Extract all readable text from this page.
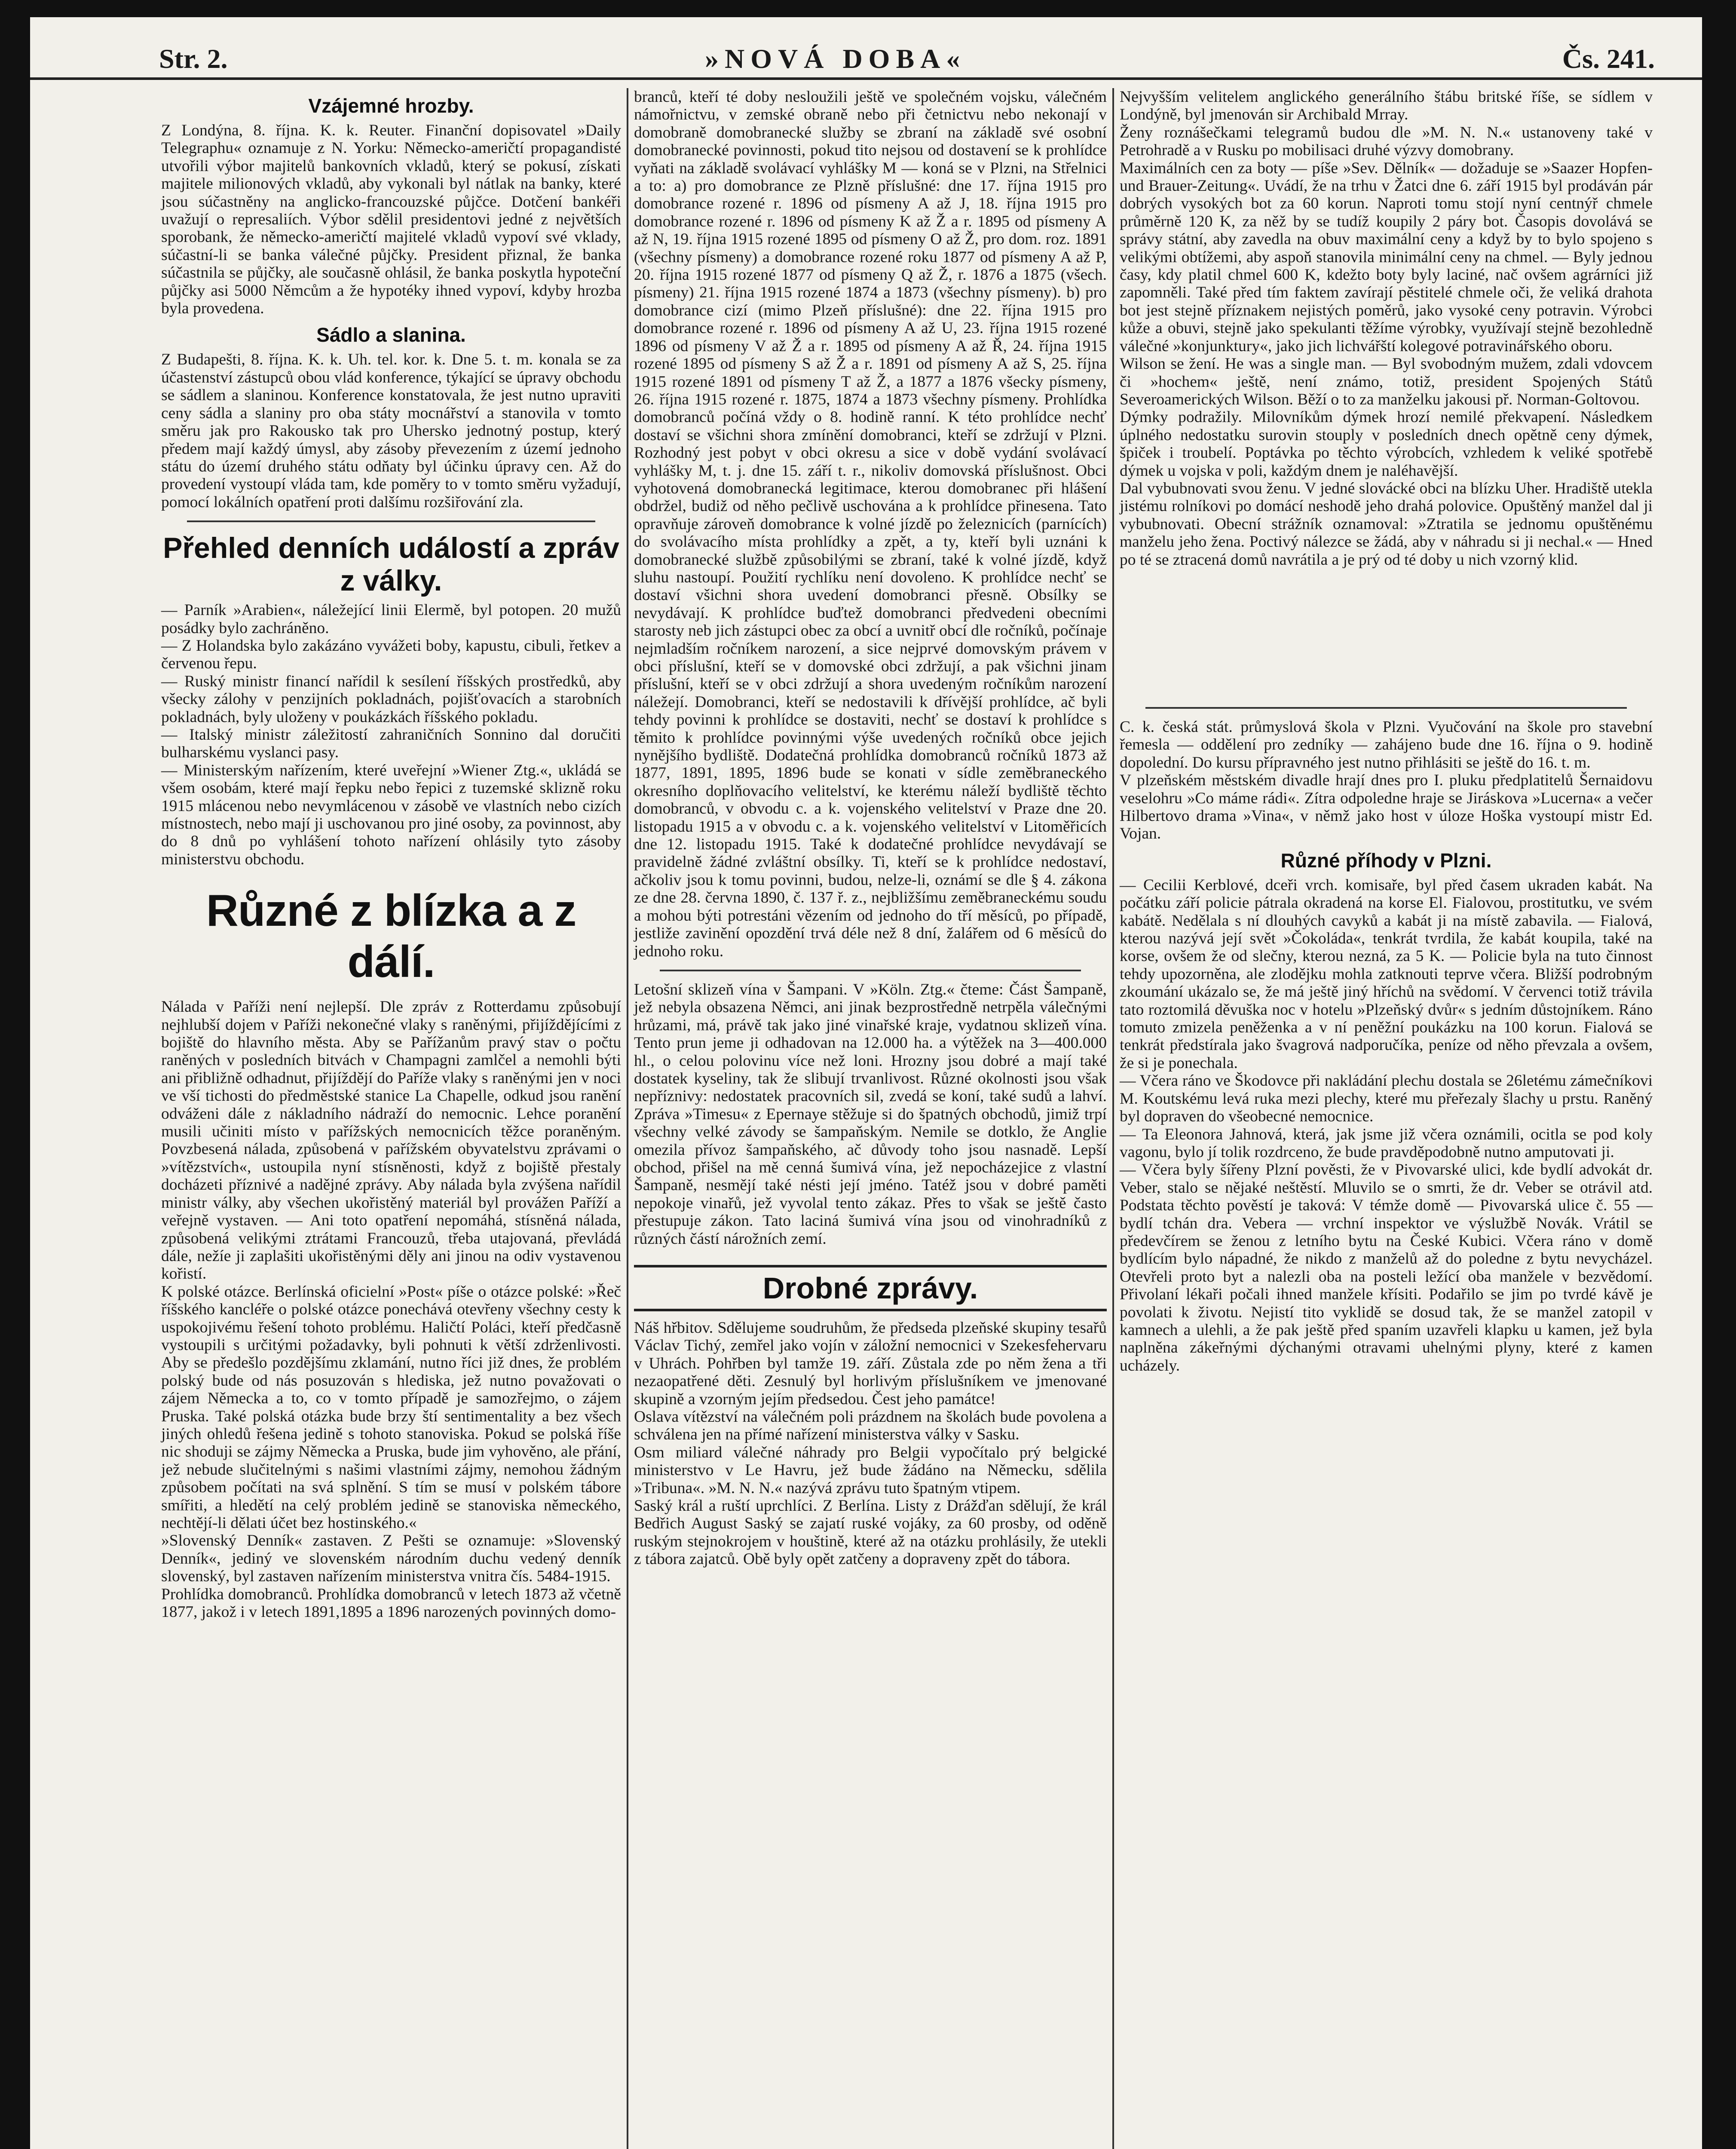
Str. 2.	»NOVÁ DOBA«	Čs. 241.
Vzájemné hrozby.

Z Londýna, 8. října. K. k. Reuter. Finanční dopisovatel »Daily Telegraphu« oznamuje z N. Yorku: Německo-američtí propagandisté utvořili výbor majitelů bankovních vkladů, který se pokusí, získati majitele milionových vkladů, aby vykonali byl nátlak na banky, které jsou súčastněny na anglicko-francouzské půjčce. Dotčení bankéři uvažují o represaliích. Výbor sdělil presidentovi jedné z největších sporobank, že německo-američtí majitelé vkladů vypoví své vklady, súčastní-li se banka válečné půjčky. President přiznal, že banka súčastnila se půjčky, ale současně ohlásil, že banka poskytla hypoteční půjčky asi 5000 Němcům a že hypotéky ihned vypoví, kdyby hrozba byla provedena.

Sádlo a slanina.

Z Budapešti, 8. října. K. k. Uh. tel. kor. k. Dne 5. t. m. konala se za účastenství zástupců obou vlád konference, týkající se úpravy obchodu se sádlem a slaninou. Konference konstatovala, že jest nutno upraviti ceny sádla a slaniny pro oba státy mocnářství a stanovila v tomto směru jak pro Rakousko tak pro Uhersko jednotný postup, který předem mají každý úmysl, aby zásoby převezením z území jednoho státu do území druhého státu odňaty byl účinku úpravy cen. Až do provedení vystoupí vláda tam, kde poměry to v tomto směru vyžadují, pomocí lokálních opatření proti dalšímu rozšiřování zla.

Přehled denních událostí a zpráv z války.

— Parník »Arabien«, náležející linii Elermě, byl potopen. 20 mužů posádky bylo zachráněno.
— Z Holandska bylo zakázáno vyvážeti boby, kapustu, cibuli, řetkev a červenou řepu.
— Ruský ministr financí nařídil k sesílení říšských prostředků, aby všecky zálohy v penzijních pokladnách, pojišťovacích a starobních pokladnách, byly uloženy v poukázkách říšského pokladu.
— Italský ministr záležitostí zahraničních Sonnino dal doručiti bulharskému vyslanci pasy.
— Ministerským nařízením, které uveřejní »Wiener Ztg.«, ukládá se všem osobám, které mají řepku nebo řepici z tuzemské sklizně roku 1915 mlácenou nebo nevymlácenou v zásobě ve vlastních nebo cizích místnostech, nebo mají ji uschovanou pro jiné osoby, za povinnost, aby do 8 dnů po vyhlášení tohoto nařízení ohlásily tyto zásoby ministerstvu obchodu.

Různé z blízka a z dálí.

Nálada v Paříži není nejlepší. Dle zpráv z Rotterdamu způsobují nejhlubší dojem v Paříži nekonečné vlaky s raněnými, přijíždějícími z bojiště do hlavního města. Aby se Pařížanům pravý stav o počtu raněných v posledních bitvách v Champagni zamlčel a nemohli býti ani přibližně odhadnut, přijíždějí do Paříže vlaky s raněnými jen v noci ve vší tichosti do předměstské stanice La Chapelle, odkud jsou ranění odváženi dále z nákladního nádraží do nemocnic. Lehce poranění musili učiniti místo v pařížských nemocnicích těžce poraněným. Povzbesená nálada, způsobená v pařížském obyvatelstvu zprávami o »vítězstvích«, ustoupila nyní stísněnosti, když z bojiště přestaly docházeti příznivé a nadějné zprávy. Aby nálada byla zvýšena nařídil ministr války, aby všechen ukořistěný materiál byl provážen Paříží a veřejně vystaven. — Ani toto opatření nepomáhá, stísněná nálada, způsobená velikými ztrátami Francouzů, třeba utajovaná, převládá dále, nežíe ji zaplašiti ukořistěnými děly ani jinou na odiv vystavenou kořistí.
K polské otázce. Berlínská oficielní »Post« píše o otázce polské: »Řeč říšského kancléře o polské otázce ponechává otevřeny všechny cesty k uspokojivému řešení tohoto problému. Haličtí Poláci, kteří předčasně vystoupili s určitými požadavky, byli pohnuti k větší zdrženlivosti. Aby se předešlo pozdějšímu zklamání, nutno říci již dnes, že problém polský bude od nás posuzován s hlediska, jež nutno považovati o zájem Německa a to, co v tomto případě je samozřejmo, o zájem Pruska. Také polská otázka bude brzy ští sentimentality a bez všech jiných ohledů řešena jedině s tohoto stanoviska. Pokud se polská říše nic shoduji se zájmy Německa a Pruska, bude jim vyhověno, ale přání, jež nebude slučitelnými s našimi vlastními zájmy, nemohou žádným způsobem počítati na svá splnění. S tím se musí v polském tábore smířiti, a hledětí na celý problém jedině se stanoviska německého, nechtějí-li dělati účet bez hostinského.«
»Slovenský Denník« zastaven. Z Pešti se oznamuje: »Slovenský Denník«, jediný ve slovenském národním duchu vedený denník slovenský, byl zastaven nařízením ministerstva vnitra čís. 5484-1915.
Prohlídka domobranců. Prohlídka domobranců v letech 1873 až včetně 1877, jakož i v letech 1891,1895 a 1896 narozených povinných domo-

branců, kteří té doby nesloužili ještě ve společném vojsku, válečném námořnictvu, v zemské obraně nebo při četnictvu nebo nekonají v domobraně domobranecké služby se zbraní na základě své osobní domobranecké povinnosti, pokud tito nejsou od dostavení se k prohlídce vyňati na základě svolávací vyhlášky M — koná se v Plzni, na Střelnici a to: a) pro domobrance ze Plzně příslušné: dne 17. října 1915 pro domobrance rozené r. 1896 od písmeny A až J, 18. října 1915 pro domobrance rozené r. 1896 od písmeny K až Ž a r. 1895 od písmeny A až N, 19. října 1915 rozené 1895 od písmeny O až Ž, pro dom. roz. 1891 (všechny písmeny) a domobrance rozené roku 1877 od písmeny A až P, 20. října 1915 rozené 1877 od písmeny Q až Ž, r. 1876 a 1875 (všech. písmeny) 21. října 1915 rozené 1874 a 1873 (všechny písmeny). b) pro domobrance cizí (mimo Plzeň příslušné): dne 22. října 1915 pro domobrance rozené r. 1896 od písmeny A až U, 23. října 1915 rozené 1896 od písmeny V až Ž a r. 1895 od písmeny A až Ř, 24. října 1915 rozené 1895 od písmeny S až Ž a r. 1891 od písmeny A až S, 25. října 1915 rozené 1891 od písmeny T až Ž, a 1877 a 1876 všecky písmeny, 26. října 1915 rozené r. 1875, 1874 a 1873 všechny písmeny. Prohlídka domobranců počíná vždy o 8. hodině ranní. K této prohlídce nechť dostaví se všichni shora zmínění domobranci, kteří se zdržují v Plzni. Rozhodný jest pobyt v obci okresu a sice v době vydání svolávací vyhlášky M, t. j. dne 15. září t. r., nikoliv domovská příslušnost. Obci vyhotovená domobranecká legitimace, kterou domobranec při hlášení obdržel, budiž od něho pečlivě uschována a k prohlídce přinesena. Tato opravňuje zároveň domobrance k volné jízdě po železnicích (parnících) do svolávacího místa prohlídky a zpět, a ty, kteří byli uznáni k domobranecké službě způsobilými se zbraní, také k volné jízdě, když sluhu nastoupí. Použití rychlíku není dovoleno. K prohlídce nechť se dostaví všichni shora uvedení domobranci přesně. Obsílky se nevydávají. K prohlídce buďtež domobranci předvedeni obecními starosty neb jich zástupci obec za obcí a uvnitř obcí dle ročníků, počínaje nejmladším ročníkem narození, a sice nejprvé domovským právem v obci příslušní, kteří se v domovské obci zdržují, a pak všichni jinam příslušní, kteří se v obci zdržují a shora uvedeným ročníkům narození náležejí. Domobranci, kteří se nedostavili k dřívější prohlídce, ač byli tehdy povinni k prohlídce se dostaviti, nechť se dostaví k prohlídce s těmito k prohlídce povinnými výše uvedených ročníků obce jejich nynějšího bydliště. Dodatečná prohlídka domobranců ročníků 1873 až 1877, 1891, 1895, 1896 bude se konati v sídle zeměbraneckého okresního doplňovacího velitelství, ke kterému náleží bydliště těchto domobranců, v obvodu c. a k. vojenského velitelství v Praze dne 20. listopadu 1915 a v obvodu c. a k. vojenského velitelství v Litoměřicích dne 12. listopadu 1915. Také k dodatečné prohlídce nevydávají se pravidelně žádné zvláštní obsílky. Ti, kteří se k prohlídce nedostaví, ačkoliv jsou k tomu povinni, budou, nelze-li, oznámí se dle § 4. zákona ze dne 28. června 1890, č. 137 ř. z., nejbližšímu zeměbraneckému soudu a mohou býti potrestáni vězením od jednoho do tří měsíců, po případě, jestliže zavinění opozdění trvá déle než 8 dní, žalářem od 6 měsíců do jednoho roku.

Letošní sklizeň vína v Šampani. V »Köln. Ztg.« čteme: Část Šampaně, jež nebyla obsazena Němci, ani jinak bezprostředně netrpěla válečnými hrůzami, má, právě tak jako jiné vinařské kraje, vydatnou sklizeň vína. Tento prun jeme ji odhadovan na 12.000 ha. a výtěžek na 3—400.000 hl., o celou polovinu více než loni. Hrozny jsou dobré a mají také dostatek kyseliny, tak že slibují trvanlivost. Různé okolnosti jsou však nepříznivy: nedostatek pracovních sil, zvedá se koní, také sudů a lahví. Zpráva »Timesu« z Epernaye stěžuje si do špatných obchodů, jimiž trpí všechny velké závody se šampaňským. Nemile se dotklo, že Anglie omezila přívoz šampaňského, ač důvody toho jsou nasnadě. Lepší obchod, přišel na mě cenná šumivá vína, jež nepocházejice z vlastní Šampaně, nesmějí také nésti její jméno. Tatéž jsou v dobré paměti nepokoje vinařů, jež vyvolal tento zákaz. Přes to však se ještě často přestupuje zákon. Tato laciná šumivá vína jsou od vinohradníků z různých částí nárožních zemí.

Drobné zprávy.

Náš hřbitov. Sdělujeme soudruhům, že předseda plzeňské skupiny tesařů Václav Tichý, zemřel jako vojín v záložní nemocnici v Szekesfehervaru v Uhrách. Pohřben byl tamže 19. září. Zůstala zde po něm žena a tři nezaopatřené děti. Zesnulý byl horlivým příslušníkem ve jmenované skupině a vzorným jejím předsedou. Čest jeho památce!
Oslava vítězství na válečném poli prázdnem na školách bude povolena a schválena jen na přímé nařízení ministerstva války v Sasku.
Osm miliard válečné náhrady pro Belgii vypočítalo prý belgické ministerstvo v Le Havru, jež bude žádáno na Německu, sdělila »Tribuna«. »M. N. N.« nazývá zprávu tuto špatným vtipem.
Saský král a ruští uprchlíci. Z Berlína. Listy z Drážďan sdělují, že král Bedřich August Saský se zajatí ruské vojáky, za 60 prosby, od oděně ruským stejnokrojem v houštině, které až na otázku prohlásily, že utekli z tábora zajatců. Obě byly opět zatčeny a dopraveny zpět do tábora.

Nejvyšším velitelem anglického generálního štábu britské říše, se sídlem v Londýně, byl jmenován sir Archibald Mrray.
Ženy roznášečkami telegramů budou dle »M. N. N.« ustanoveny také v Petrohradě a v Rusku po mobilisaci druhé výzvy domobrany.
Maximálních cen za boty — píše »Sev. Dělník« — dožaduje se »Saazer Hopfen- und Brauer-Zeitung«. Uvádí, že na trhu v Žatci dne 6. září 1915 byl prodáván pár dobrých vysokých bot za 60 korun. Naproti tomu stojí nyní centnýř chmele průměrně 120 K, za něž by se tudíž koupily 2 páry bot. Časopis dovolává se správy státní, aby zavedla na obuv maximální ceny a když by to bylo spojeno s velikými obtížemi, aby aspoň stanovila minimální ceny na chmel. — Byly jednou časy, kdy platil chmel 600 K, kdežto boty byly laciné, nač ovšem agrárníci již zapomněli. Také před tím faktem zavírají pěstitelé chmele oči, že veliká drahota bot jest stejně příznakem nejistých poměrů, jako vysoké ceny potravin. Výrobci kůže a obuvi, stejně jako spekulanti těžíme výrobky, využívají stejně bezohledně válečné »konjunktury«, jako jich lichvářští kolegové potravinářského oboru.
Wilson se žení. He was a single man. — Byl svobodným mužem, zdali vdovcem či »hochem« ještě, není známo, totiž, president Spojených Států Severoamerických Wilson. Běží o to za manželku jakousi př. Norman-Goltovou.
Dýmky podražily. Milovníkům dýmek hrozí nemilé překvapení. Následkem úplného nedostatku surovin stouply v posledních dnech opětně ceny dýmek, špiček i troubelí. Poptávka po těchto výrobcích, vzhledem k veliké spotřebě dýmek u vojska v poli, každým dnem je naléhavější.
Dal vybubnovati svou ženu. V jedné slovácké obci na blízku Uher. Hradiště utekla jistému rolníkovi po domácí neshodě jeho drahá polovice. Opuštěný manžel dal ji vybubnovati. Obecní strážník oznamoval: »Ztratila se jednomu opuštěnému manželu jeho žena. Poctivý nálezce se žádá, aby v náhradu si ji nechal.« — Hned po té se ztracená domů navrátila a je prý od té doby u nich vzorný klid.

C. k. česká stát. průmyslová škola v Plzni. Vyučování na škole pro stavební řemesla — oddělení pro zedníky — zahájeno bude dne 16. října o 9. hodině dopolední. Do kursu přípravného jest nutno přihlásiti se ještě do 16. t. m.
V plzeňském městském divadle hrají dnes pro I. pluku předplatitelů Šernaidovu veselohru »Co máme rádi«. Zítra odpoledne hraje se Jiráskova »Lucerna« a večer Hilbertovo drama »Vina«, v němž jako host v úloze Hoška vystoupí mistr Ed. Vojan.

Různé příhody v Plzni.

— Cecilii Kerblové, dceři vrch. komisaře, byl před časem ukraden kabát. Na počátku září policie pátrala okradená na korse El. Fialovou, prostitutku, ve svém kabátě. Nedělala s ní dlouhých cavyků a kabát ji na místě zabavila. — Fialová, kterou nazývá její svět »Čokoláda«, tenkrát tvrdila, že kabát koupila, také na korse, ovšem že od slečny, kterou nezná, za 5 K. — Policie byla na tuto činnost tehdy upozorněna, ale zlodějku mohla zatknouti teprve včera. Bližší podrobným zkoumání ukázalo se, že má ještě jiný hříchů na svědomí. V červenci totiž trávila tato roztomilá děvuška noc v hotelu »Plzeňský dvůr« s jedním důstojníkem. Ráno tomuto zmizela peněženka a v ní peněžní poukázku na 100 korun. Fialová se tenkrát předstírala jako švagrová nadporučíka, peníze od něho převzala a ovšem, že si je ponechala.
— Včera ráno ve Škodovce při nakládání plechu dostala se 26letému zámečníkovi M. Koutskému levá ruka mezi plechy, které mu přeřezaly šlachy u prstu. Raněný byl dopraven do všeobecné nemocnice.
— Ta Eleonora Jahnová, která, jak jsme již včera oznámili, ocitla se pod koly vagonu, bylo jí tolik rozdrceno, že bude pravděpodobně nutno amputovati ji.
— Včera byly šířeny Plzní pověsti, že v Pivovarské ulici, kde bydlí advokát dr. Veber, stalo se nějaké neštěstí. Mluvilo se o smrti, že dr. Veber se otrávil atd. Podstata těchto pověstí je taková: V témže domě — Pivovarská ulice č. 55 — bydlí tchán dra. Vebera — vrchní inspektor ve výslužbě Novák. Vrátil se předevčírem se ženou z letního bytu na České Kubici. Včera ráno v domě bydlícím bylo nápadné, že nikdo z manželů až do poledne z bytu nevycházel. Otevřeli proto byt a nalezli oba na posteli ležící oba manžele v bezvědomí. Přivolaní lékaři počali ihned manžele křísiti. Podařilo se jim po tvrdé kávě je povolati k životu. Nejistí tito vyklidě se dosud tak, že se manžel zatopil v kamnech a ulehli, a že pak ještě před spaním uzavřeli klapku u kamen, jež byla naplněna zákeřnými dýchanými otravami uhelnými plyny, které z kamen ucházely.
